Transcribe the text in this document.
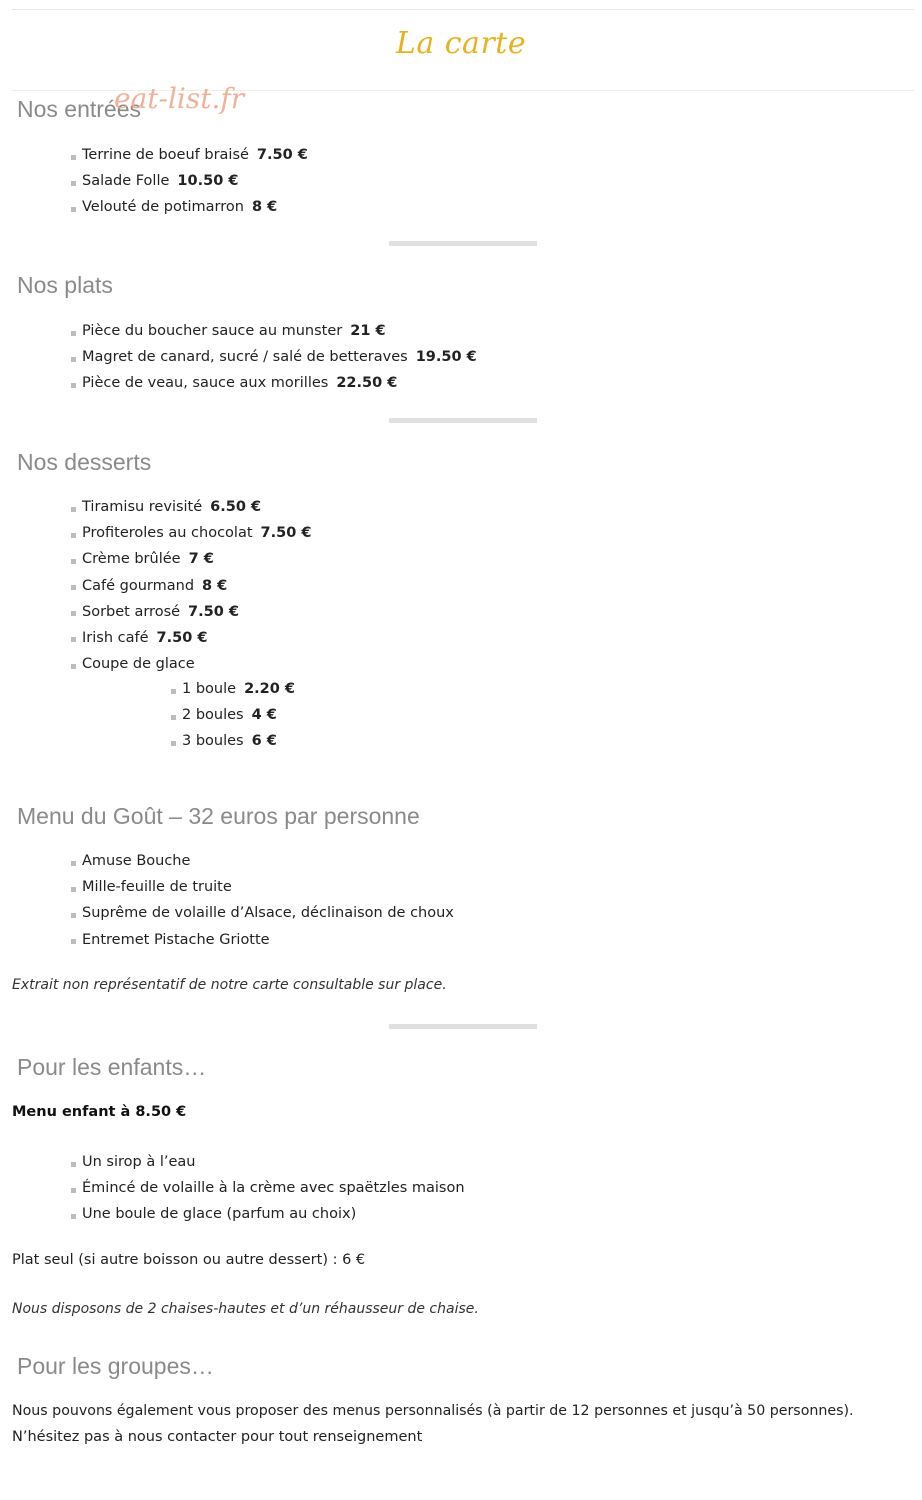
La carte
Nos entrées
eat-list.fr
Terrine de boeuf braisé 7.50 €
Salade Folle 10.50 €
Velouté de potimarron 8 €
Nos plats
Pièce du boucher sauce au munster 21 €
Magret de canard, sucré / salé de betteraves 19.50 €
Pièce de veau, sauce aux morilles 22.50 €
Nos desserts
Tiramisu revisité 6.50 €
Profiteroles au chocolat 7.50 €
Crème brûlée 7 €
Café gourmand 8 €
Sorbet arrosé 7.50 €
Irish café 7.50 €
Coupe de glace
1 boule 2.20 €
2 boules 4 €
3 boules 6 €
Menu du Goût – 32 euros par personne
Amuse Bouche
Mille-feuille de truite
Suprême de volaille d’Alsace, déclinaison de choux
Entremet Pistache Griotte

Extrait non représentatif de notre carte consultable sur place.

Pour les enfants…

Menu enfant à 8.50 €

Un sirop à l’eau
Émincé de volaille à la crème avec spaëtzles maison
Une boule de glace (parfum au choix)

Plat seul (si autre boisson ou autre dessert) : 6 €

Nous disposons de 2 chaises-hautes et d’un réhausseur de chaise.

Pour les groupes…

Nous pouvons également vous proposer des menus personnalisés (à partir de 12 personnes et jusqu’à 50 personnes).

N’hésitez pas à nous contacter pour tout renseignement
